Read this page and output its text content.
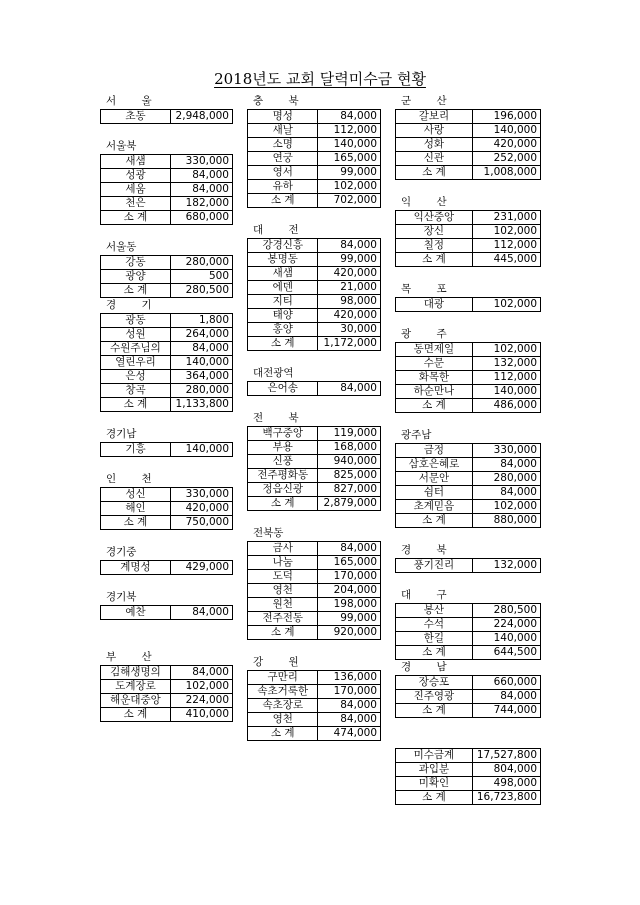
2018년도 교회 달력미수금 현황
서 울
초동	2,948,000
서울북
새샘	330,000
성광	84,000
세움	84,000
천은	182,000
소 계	680,000
서울동
강동	280,000
광양	500
소 계	280,500
경 기
광동	1,800
성원	264,000
수원주님의	84,000
열린우리	140,000
은성	364,000
창곡	280,000
소 계	1,133,800
경기남
기흥	140,000
인 천
성신	330,000
해인	420,000
소 계	750,000
경기중
계명성	429,000
경기북
예찬	84,000
부 산
김해생명의	84,000
도계장로	102,000
해운대중앙	224,000
소 계	410,000
충 북
명성	84,000
새날	112,000
소명	140,000
연궁	165,000
영서	99,000
유하	102,000
소 계	702,000
대 전
강경신흥	84,000
봉명동	99,000
새샘	420,000
에덴	21,000
지티	98,000
태양	420,000
홍양	30,000
소 계	1,172,000
대전광역
은어송	84,000
전 북
백구중앙	119,000
부용	168,000
신풍	940,000
전주평화동	825,000
정읍신광	827,000
소 계	2,879,000
전북동
금사	84,000
나눔	165,000
도덕	170,000
영천	204,000
원천	198,000
전주전동	99,000
소 계	920,000
강 원
구만리	136,000
속초거룩한	170,000
속초장로	84,000
영천	84,000
소 계	474,000
군 산
갈보리	196,000
사랑	140,000
성화	420,000
신관	252,000
소 계	1,008,000
익 산
익산중앙	231,000
장신	102,000
칠정	112,000
소 계	445,000
목 포
대광	102,000
광 주
동면제일	102,000
수문	132,000
화목한	112,000
하순만나	140,000
소 계	486,000
광주남
금정	330,000
삼호은혜로	84,000
서문안	280,000
쉼터	84,000
초계믿음	102,000
소 계	880,000
경 북
풍기진리	132,000
대 구
봉산	280,500
수석	224,000
한길	140,000
소 계	644,500
경 남
장승포	660,000
진주영광	84,000
소 계	744,000
미수금계	17,527,800
과입분	804,000
미확인	498,000
소 계	16,723,800
